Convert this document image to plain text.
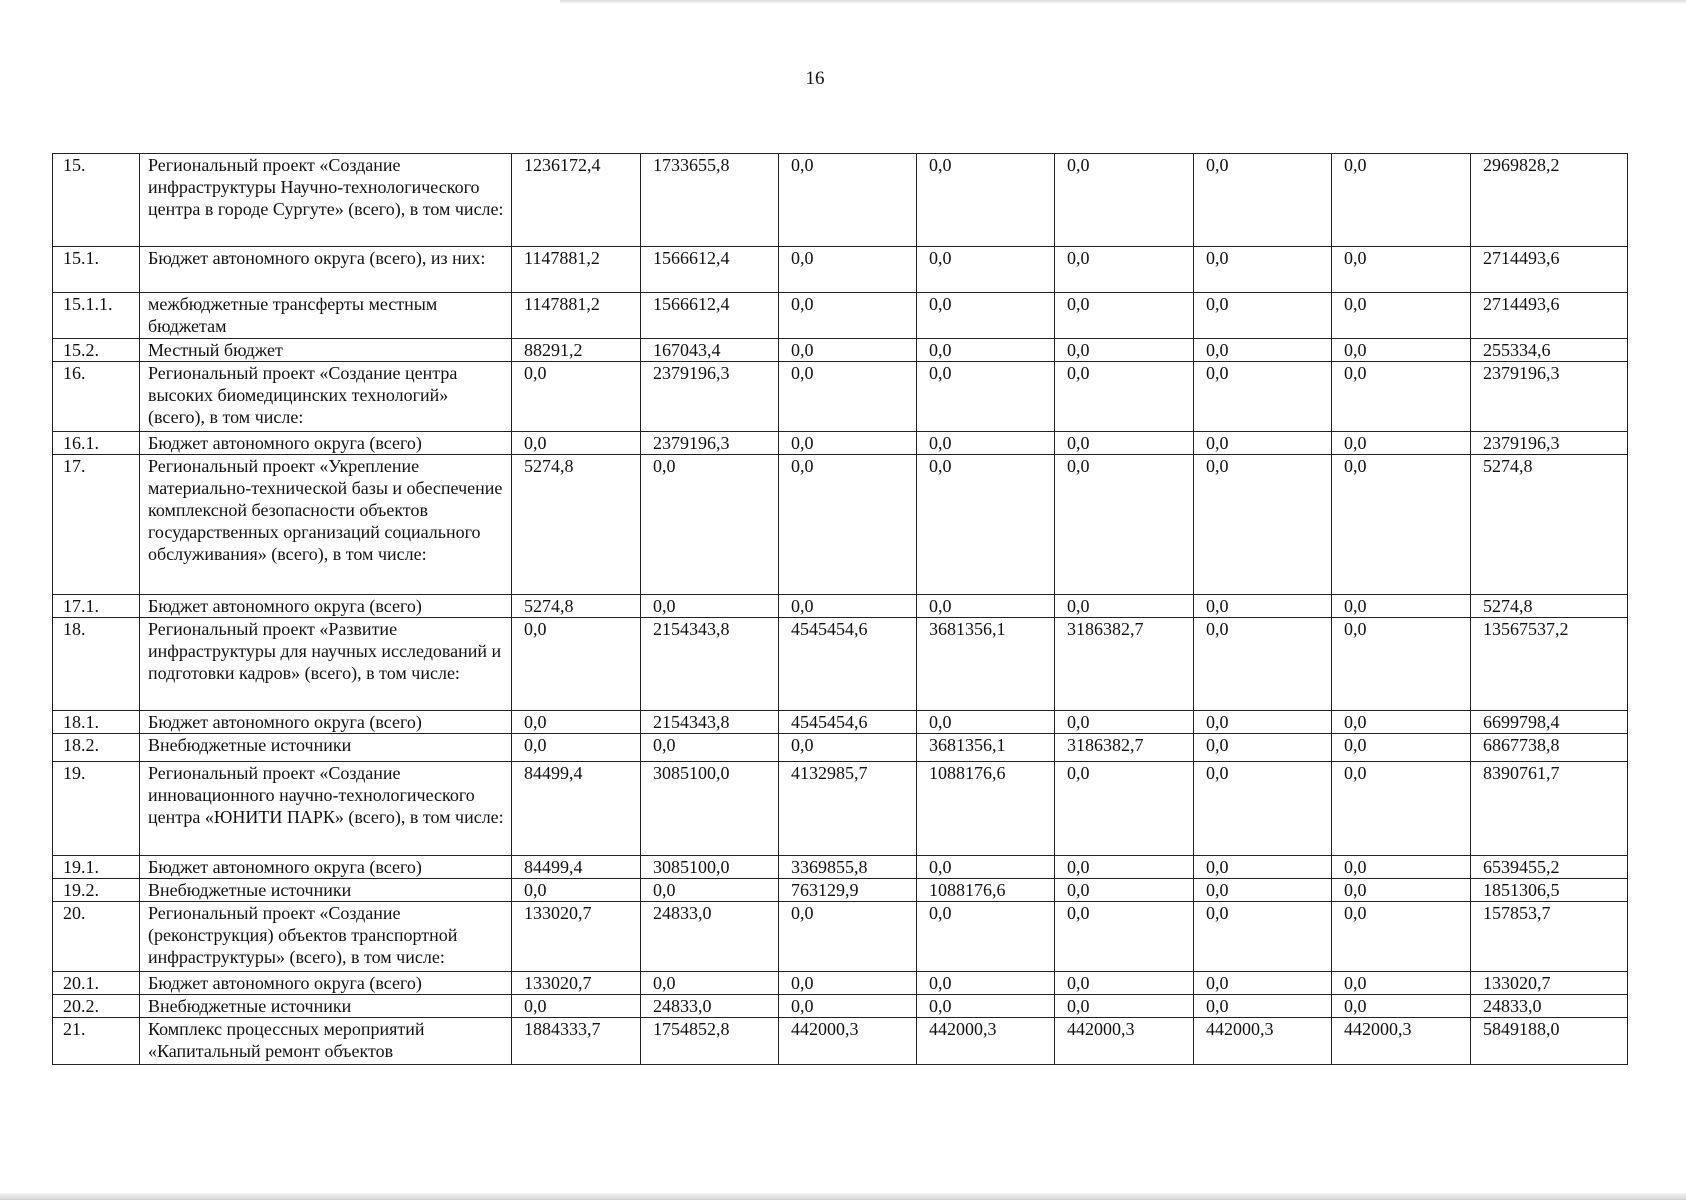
16
15.	Региональный проект «Создание инфраструктуры Научно-технологического центра в городе Сургуте» (всего), в том числе:	1236172,4	1733655,8	0,0	0,0	0,0	0,0	0,0	2969828,2
15.1.	Бюджет автономного округа (всего), из них:	1147881,2	1566612,4	0,0	0,0	0,0	0,0	0,0	2714493,6
15.1.1.	межбюджетные трансферты местным бюджетам	1147881,2	1566612,4	0,0	0,0	0,0	0,0	0,0	2714493,6
15.2.	Местный бюджет	88291,2	167043,4	0,0	0,0	0,0	0,0	0,0	255334,6
16.	Региональный проект «Создание центра высоких биомедицинских технологий» (всего), в том числе:	0,0	2379196,3	0,0	0,0	0,0	0,0	0,0	2379196,3
16.1.	Бюджет автономного округа (всего)	0,0	2379196,3	0,0	0,0	0,0	0,0	0,0	2379196,3
17.	Региональный проект «Укрепление материально-технической базы и обеспечение комплексной безопасности объектов государственных организаций социального обслуживания» (всего), в том числе:	5274,8	0,0	0,0	0,0	0,0	0,0	0,0	5274,8
17.1.	Бюджет автономного округа (всего)	5274,8	0,0	0,0	0,0	0,0	0,0	0,0	5274,8
18.	Региональный проект «Развитие инфраструктуры для научных исследований и подготовки кадров» (всего), в том числе:	0,0	2154343,8	4545454,6	3681356,1	3186382,7	0,0	0,0	13567537,2
18.1.	Бюджет автономного округа (всего)	0,0	2154343,8	4545454,6	0,0	0,0	0,0	0,0	6699798,4
18.2.	Внебюджетные источники	0,0	0,0	0,0	3681356,1	3186382,7	0,0	0,0	6867738,8
19.	Региональный проект «Создание инновационного научно-технологического центра «ЮНИТИ ПАРК» (всего), в том числе:	84499,4	3085100,0	4132985,7	1088176,6	0,0	0,0	0,0	8390761,7
19.1.	Бюджет автономного округа (всего)	84499,4	3085100,0	3369855,8	0,0	0,0	0,0	0,0	6539455,2
19.2.	Внебюджетные источники	0,0	0,0	763129,9	1088176,6	0,0	0,0	0,0	1851306,5
20.	Региональный проект «Создание (реконструкция) объектов транспортной инфраструктуры» (всего), в том числе:	133020,7	24833,0	0,0	0,0	0,0	0,0	0,0	157853,7
20.1.	Бюджет автономного округа (всего)	133020,7	0,0	0,0	0,0	0,0	0,0	0,0	133020,7
20.2.	Внебюджетные источники	0,0	24833,0	0,0	0,0	0,0	0,0	0,0	24833,0
21.	Комплекс процессных мероприятий «Капитальный ремонт объектов	1884333,7	1754852,8	442000,3	442000,3	442000,3	442000,3	442000,3	5849188,0
